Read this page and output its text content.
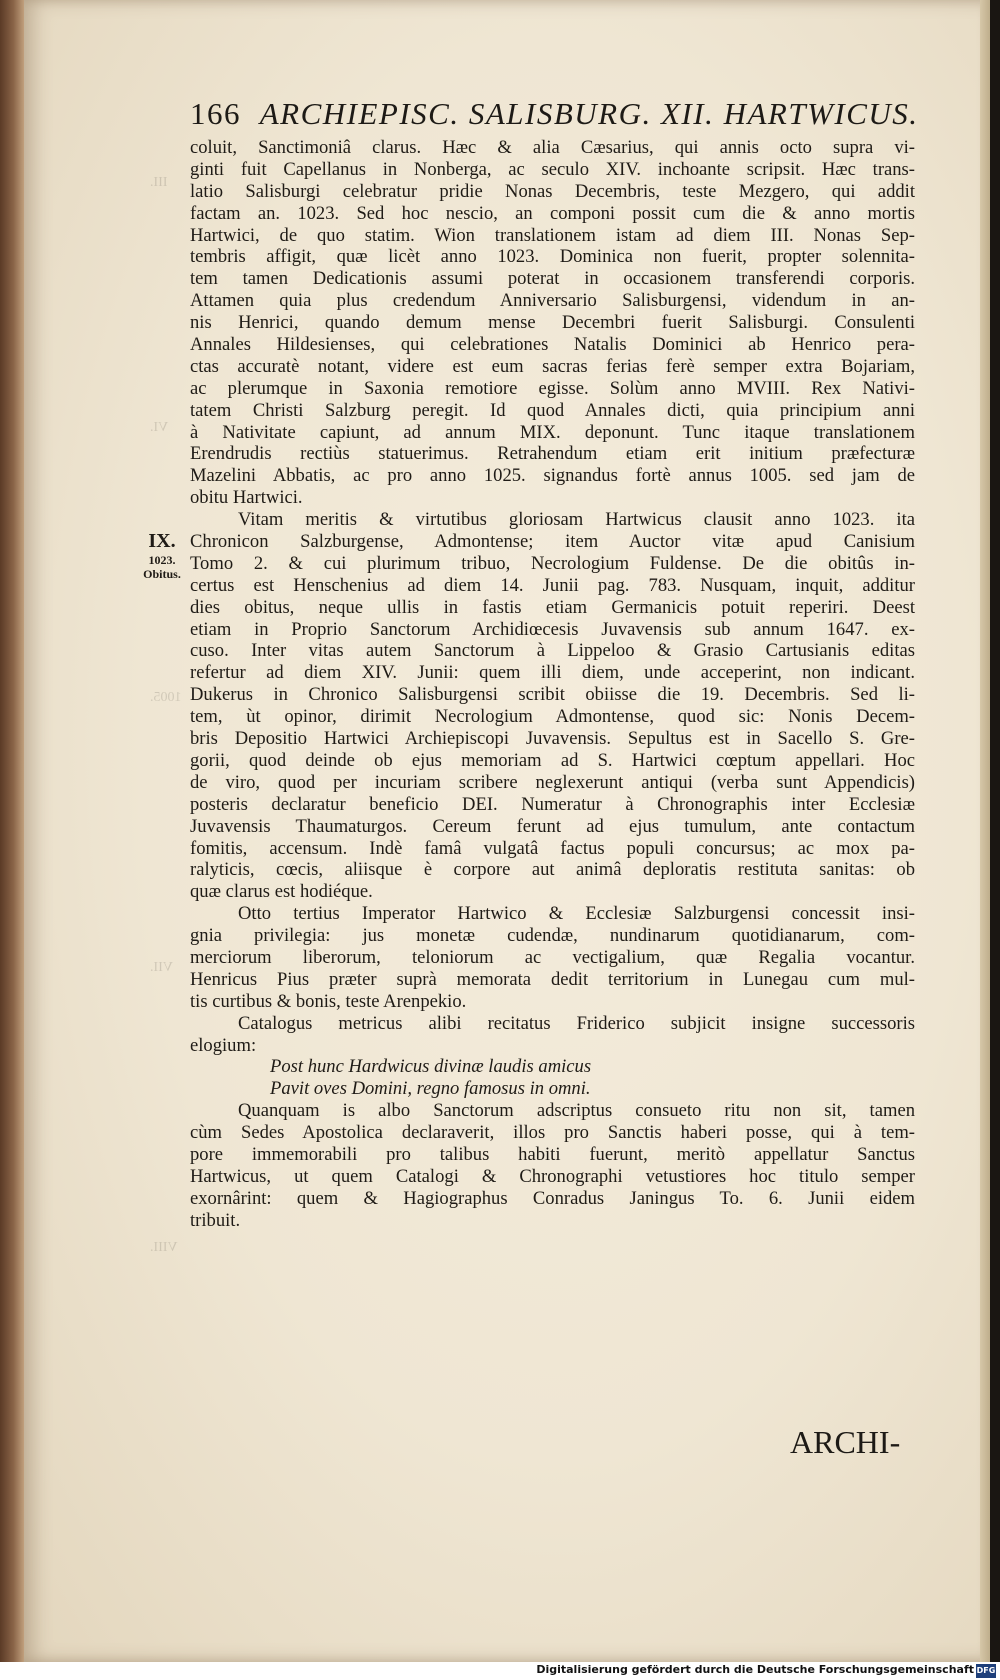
III.
VI.
1005.
VII.
VIII.
166 ARCHIEPISC. SALISBURG. XII. HARTWICUS.
IX.
1023.
Obitus.
coluit, Sanctimoniâ clarus. Hæc & alia Cæsarius, qui annis octo supra vi-
ginti fuit Capellanus in Nonberga, ac seculo XIV. inchoante scripsit. Hæc trans-
latio Salisburgi celebratur pridie Nonas Decembris, teste Mezgero, qui addit
factam an. 1023. Sed hoc nescio, an componi possit cum die & anno mortis
Hartwici, de quo statim. Wion translationem istam ad diem III. Nonas Sep-
tembris affigit, quæ licèt anno 1023. Dominica non fuerit, propter solennita-
tem tamen Dedicationis assumi poterat in occasionem transferendi corporis.
Attamen quia plus credendum Anniversario Salisburgensi, videndum in an-
nis Henrici, quando demum mense Decembri fuerit Salisburgi. Consulenti
Annales Hildesienses, qui celebrationes Natalis Dominici ab Henrico pera-
ctas accuratè notant, videre est eum sacras ferias ferè semper extra Bojariam,
ac plerumque in Saxonia remotiore egisse. Solùm anno MVIII. Rex Nativi-
tatem Christi Salzburg peregit. Id quod Annales dicti, quia principium anni
à Nativitate capiunt, ad annum MIX. deponunt. Tunc itaque translationem
Erendrudis rectiùs statuerimus. Retrahendum etiam erit initium præfecturæ
Mazelini Abbatis, ac pro anno 1025. signandus fortè annus 1005. sed jam de
obitu Hartwici.
Vitam meritis & virtutibus gloriosam Hartwicus clausit anno 1023. ita
Chronicon Salzburgense, Admontense; item Auctor vitæ apud Canisium
Tomo 2. & cui plurimum tribuo, Necrologium Fuldense. De die obitûs in-
certus est Henschenius ad diem 14. Junii pag. 783. Nusquam, inquit, additur
dies obitus, neque ullis in fastis etiam Germanicis potuit reperiri. Deest
etiam in Proprio Sanctorum Archidiœcesis Juvavensis sub annum 1647. ex-
cuso. Inter vitas autem Sanctorum à Lippeloo & Grasio Cartusianis editas
refertur ad diem XIV. Junii: quem illi diem, unde acceperint, non indicant.
Dukerus in Chronico Salisburgensi scribit obiisse die 19. Decembris. Sed li-
tem, ùt opinor, dirimit Necrologium Admontense, quod sic: Nonis Decem-
bris Depositio Hartwici Archiepiscopi Juvavensis. Sepultus est in Sacello S. Gre-
gorii, quod deinde ob ejus memoriam ad S. Hartwici cœptum appellari. Hoc
de viro, quod per incuriam scribere neglexerunt antiqui (verba sunt Appendicis)
posteris declaratur beneficio DEI. Numeratur à Chronographis inter Ecclesiæ
Juvavensis Thaumaturgos. Cereum ferunt ad ejus tumulum, ante contactum
fomitis, accensum. Indè famâ vulgatâ factus populi concursus; ac mox pa-
ralyticis, cœcis, aliisque è corpore aut animâ deploratis restituta sanitas: ob
quæ clarus est hodiéque.
Otto tertius Imperator Hartwico & Ecclesiæ Salzburgensi concessit insi-
gnia privilegia: jus monetæ cudendæ, nundinarum quotidianarum, com-
merciorum liberorum, teloniorum ac vectigalium, quæ Regalia vocantur.
Henricus Pius præter suprà memorata dedit territorium in Lunegau cum mul-
tis curtibus & bonis, teste Arenpekio.
Catalogus metricus alibi recitatus Friderico subjicit insigne successoris
elogium:
Post hunc Hardwicus divinæ laudis amicus
Pavit oves Domini, regno famosus in omni.
Quanquam is albo Sanctorum adscriptus consueto ritu non sit, tamen
cùm Sedes Apostolica declaraverit, illos pro Sanctis haberi posse, qui à tem-
pore immemorabili pro talibus habiti fuerunt, meritò appellatur Sanctus
Hartwicus, ut quem Catalogi & Chronographi vetustiores hoc titulo semper
exornârint: quem & Hagiographus Conradus Janingus To. 6. Junii eidem
tribuit.
ARCHI-
Digitalisierung gefördert durch die Deutsche Forschungsgemeinschaft DFG
